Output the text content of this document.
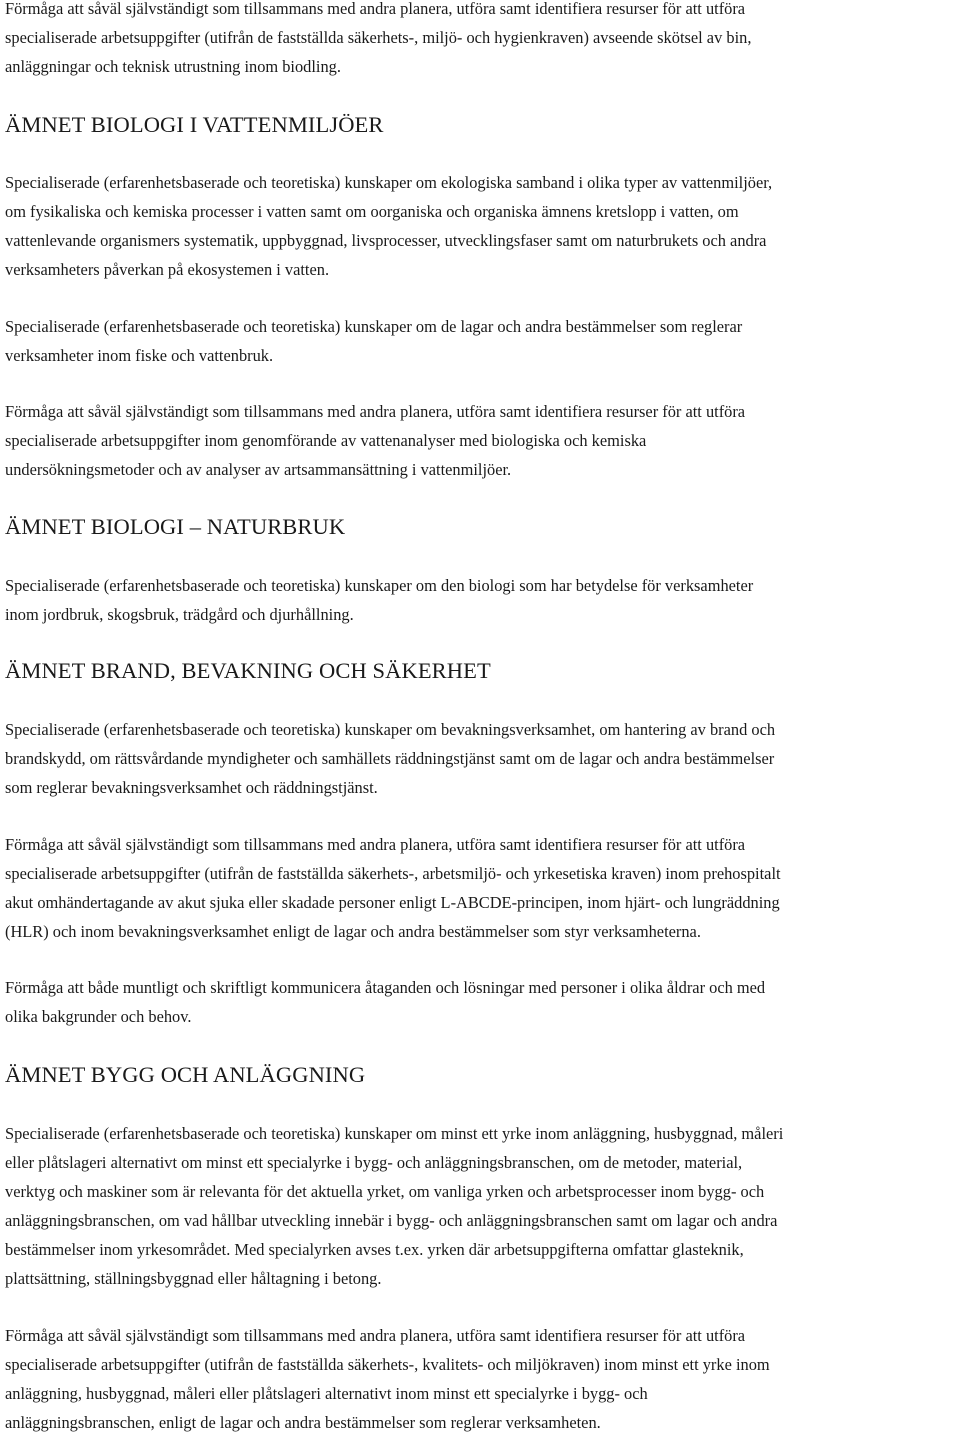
Förmåga att såväl självständigt som tillsammans med andra planera, utföra samt identifiera resurser för att utföra
specialiserade arbetsuppgifter (utifrån de fastställda säkerhets-, miljö- och hygienkraven) avseende skötsel av bin,
anläggningar och teknisk utrustning inom biodling.
ÄMNET BIOLOGI I VATTENMILJÖER
Specialiserade (erfarenhetsbaserade och teoretiska) kunskaper om ekologiska samband i olika typer av vattenmiljöer,
om fysikaliska och kemiska processer i vatten samt om oorganiska och organiska ämnens kretslopp i vatten, om
vattenlevande organismers systematik, uppbyggnad, livsprocesser, utvecklingsfaser samt om naturbrukets och andra
verksamheters påverkan på ekosystemen i vatten.
Specialiserade (erfarenhetsbaserade och teoretiska) kunskaper om de lagar och andra bestämmelser som reglerar
verksamheter inom fiske och vattenbruk.
Förmåga att såväl självständigt som tillsammans med andra planera, utföra samt identifiera resurser för att utföra
specialiserade arbetsuppgifter inom genomförande av vattenanalyser med biologiska och kemiska
undersökningsmetoder och av analyser av artsammansättning i vattenmiljöer.
ÄMNET BIOLOGI – NATURBRUK
Specialiserade (erfarenhetsbaserade och teoretiska) kunskaper om den biologi som har betydelse för verksamheter
inom jordbruk, skogsbruk, trädgård och djurhållning.
ÄMNET BRAND, BEVAKNING OCH SÄKERHET
Specialiserade (erfarenhetsbaserade och teoretiska) kunskaper om bevakningsverksamhet, om hantering av brand och
brandskydd, om rättsvårdande myndigheter och samhällets räddningstjänst samt om de lagar och andra bestämmelser
som reglerar bevakningsverksamhet och räddningstjänst.
Förmåga att såväl självständigt som tillsammans med andra planera, utföra samt identifiera resurser för att utföra
specialiserade arbetsuppgifter (utifrån de fastställda säkerhets-, arbetsmiljö- och yrkesetiska kraven) inom prehospitalt
akut omhändertagande av akut sjuka eller skadade personer enligt L-ABCDE-principen, inom hjärt- och lungräddning
(HLR) och inom bevakningsverksamhet enligt de lagar och andra bestämmelser som styr verksamheterna.
Förmåga att både muntligt och skriftligt kommunicera åtaganden och lösningar med personer i olika åldrar och med
olika bakgrunder och behov.
ÄMNET BYGG OCH ANLÄGGNING
Specialiserade (erfarenhetsbaserade och teoretiska) kunskaper om minst ett yrke inom anläggning, husbyggnad, måleri
eller plåtslageri alternativt om minst ett specialyrke i bygg- och anläggningsbranschen, om de metoder, material,
verktyg och maskiner som är relevanta för det aktuella yrket, om vanliga yrken och arbetsprocesser inom bygg- och
anläggningsbranschen, om vad hållbar utveckling innebär i bygg- och anläggningsbranschen samt om lagar och andra
bestämmelser inom yrkesområdet. Med specialyrken avses t.ex. yrken där arbetsuppgifterna omfattar glasteknik,
plattsättning, ställningsbyggnad eller håltagning i betong.
Förmåga att såväl självständigt som tillsammans med andra planera, utföra samt identifiera resurser för att utföra
specialiserade arbetsuppgifter (utifrån de fastställda säkerhets-, kvalitets- och miljökraven) inom minst ett yrke inom
anläggning, husbyggnad, måleri eller plåtslageri alternativt inom minst ett specialyrke i bygg- och
anläggningsbranschen, enligt de lagar och andra bestämmelser som reglerar verksamheten.
